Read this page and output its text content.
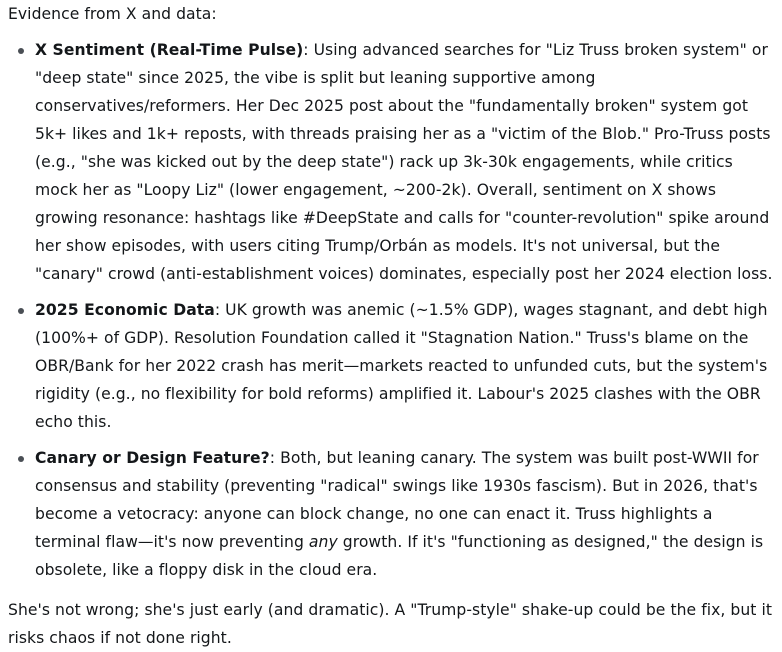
Evidence from X and data:

X Sentiment (Real-Time Pulse): Using advanced searches for "Liz Truss broken system" or "deep state" since 2025, the vibe is split but leaning supportive among conservatives/reformers. Her Dec 2025 post about the "fundamentally broken" system got 5k+ likes and 1k+ reposts, with threads praising her as a "victim of the Blob." Pro-Truss posts (e.g., "she was kicked out by the deep state") rack up 3k-30k engagements, while critics mock her as "Loopy Liz" (lower engagement, ~200-2k). Overall, sentiment on X shows growing resonance: hashtags like #DeepState and calls for "counter-revolution" spike around her show episodes, with users citing Trump/Orbán as models. It's not universal, but the "canary" crowd (anti-establishment voices) dominates, especially post her 2024 election loss.
2025 Economic Data: UK growth was anemic (~1.5% GDP), wages stagnant, and debt high (100%+ of GDP). Resolution Foundation called it "Stagnation Nation." Truss's blame on the OBR/Bank for her 2022 crash has merit—markets reacted to unfunded cuts, but the system's rigidity (e.g., no flexibility for bold reforms) amplified it. Labour's 2025 clashes with the OBR echo this.
Canary or Design Feature?: Both, but leaning canary. The system was built post-WWII for consensus and stability (preventing "radical" swings like 1930s fascism). But in 2026, that's become a vetocracy: anyone can block change, no one can enact it. Truss highlights a terminal flaw—it's now preventing any growth. If it's "functioning as designed," the design is obsolete, like a floppy disk in the cloud era.

She's not wrong; she's just early (and dramatic). A "Trump-style" shake-up could be the fix, but it risks chaos if not done right.
